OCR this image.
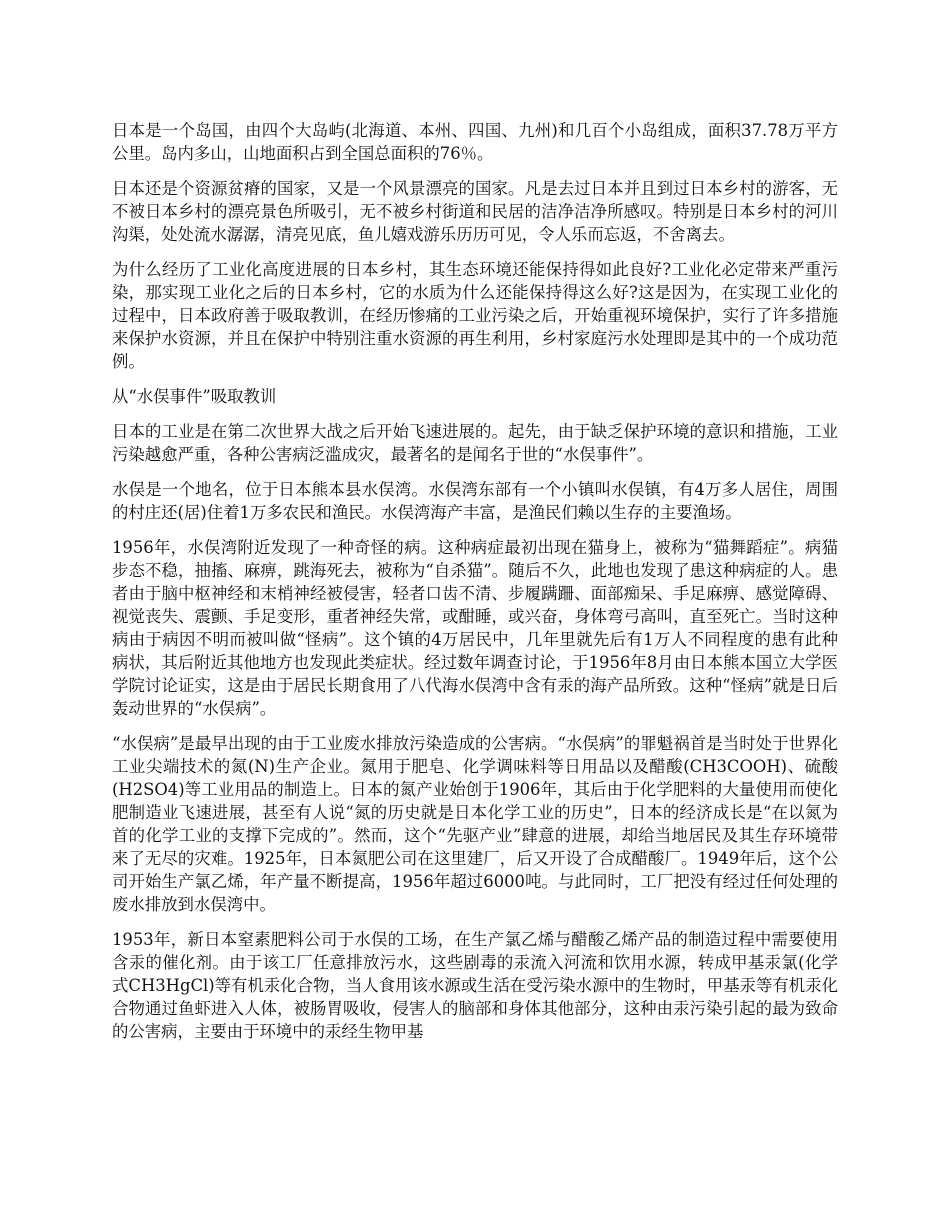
日本是一个岛国，由四个大岛屿(北海道、本州、四国、九州)和几百个小岛组成，面积37.78万平方公里。岛内多山，山地面积占到全国总面积的76％。

日本还是个资源贫瘠的国家，又是一个风景漂亮的国家。凡是去过日本并且到过日本乡村的游客，无不被日本乡村的漂亮景色所吸引，无不被乡村街道和民居的洁净洁净所感叹。特别是日本乡村的河川沟渠，处处流水潺潺，清亮见底，鱼儿嬉戏游乐历历可见，令人乐而忘返，不舍离去。

为什么经历了工业化高度进展的日本乡村，其生态环境还能保持得如此良好?工业化必定带来严重污染，那实现工业化之后的日本乡村，它的水质为什么还能保持得这么好?这是因为，在实现工业化的过程中，日本政府善于吸取教训，在经历惨痛的工业污染之后，开始重视环境保护，实行了许多措施来保护水资源，并且在保护中特别注重水资源的再生利用，乡村家庭污水处理即是其中的一个成功范例。

从“水俣事件”吸取教训

日本的工业是在第二次世界大战之后开始飞速进展的。起先，由于缺乏保护环境的意识和措施，工业污染越愈严重，各种公害病泛滥成灾，最著名的是闻名于世的“水俣事件”。

水俣是一个地名，位于日本熊本县水俣湾。水俣湾东部有一个小镇叫水俣镇，有4万多人居住，周围的村庄还(居)住着1万多农民和渔民。水俣湾海产丰富，是渔民们赖以生存的主要渔场。

1956年，水俣湾附近发现了一种奇怪的病。这种病症最初出现在猫身上，被称为“猫舞蹈症”。病猫步态不稳，抽搐、麻痹，跳海死去，被称为“自杀猫”。随后不久，此地也发现了患这种病症的人。患者由于脑中枢神经和末梢神经被侵害，轻者口齿不清、步履蹒跚、面部痴呆、手足麻痹、感觉障碍、视觉丧失、震颤、手足变形，重者神经失常，或酣睡，或兴奋，身体弯弓高叫，直至死亡。当时这种病由于病因不明而被叫做“怪病”。这个镇的4万居民中，几年里就先后有1万人不同程度的患有此种病状，其后附近其他地方也发现此类症状。经过数年调查讨论，于1956年8月由日本熊本国立大学医学院讨论证实，这是由于居民长期食用了八代海水俣湾中含有汞的海产品所致。这种“怪病”就是日后轰动世界的“水俣病”。

“水俣病”是最早出现的由于工业废水排放污染造成的公害病。“水俣病”的罪魁祸首是当时处于世界化工业尖端技术的氮(N)生产企业。氮用于肥皂、化学调味料等日用品以及醋酸(CH3COOH)、硫酸(H2SO4)等工业用品的制造上。日本的氮产业始创于1906年，其后由于化学肥料的大量使用而使化肥制造业飞速进展，甚至有人说“氮的历史就是日本化学工业的历史”，日本的经济成长是“在以氮为首的化学工业的支撑下完成的”。然而，这个“先驱产业”肆意的进展，却给当地居民及其生存环境带来了无尽的灾难。1925年，日本氮肥公司在这里建厂，后又开设了合成醋酸厂。1949年后，这个公司开始生产氯乙烯，年产量不断提高，1956年超过6000吨。与此同时，工厂把没有经过任何处理的废水排放到水俣湾中。

1953年，新日本窒素肥料公司于水俣的工场，在生产氯乙烯与醋酸乙烯产品的制造过程中需要使用含汞的催化剂。由于该工厂任意排放污水，这些剧毒的汞流入河流和饮用水源，转成甲基汞氯(化学式CH3HgCl)等有机汞化合物，当人食用该水源或生活在受污染水源中的生物时，甲基汞等有机汞化合物通过鱼虾进入人体，被肠胃吸收，侵害人的脑部和身体其他部分，这种由汞污染引起的最为致命的公害病，主要由于环境中的汞经生物甲基
